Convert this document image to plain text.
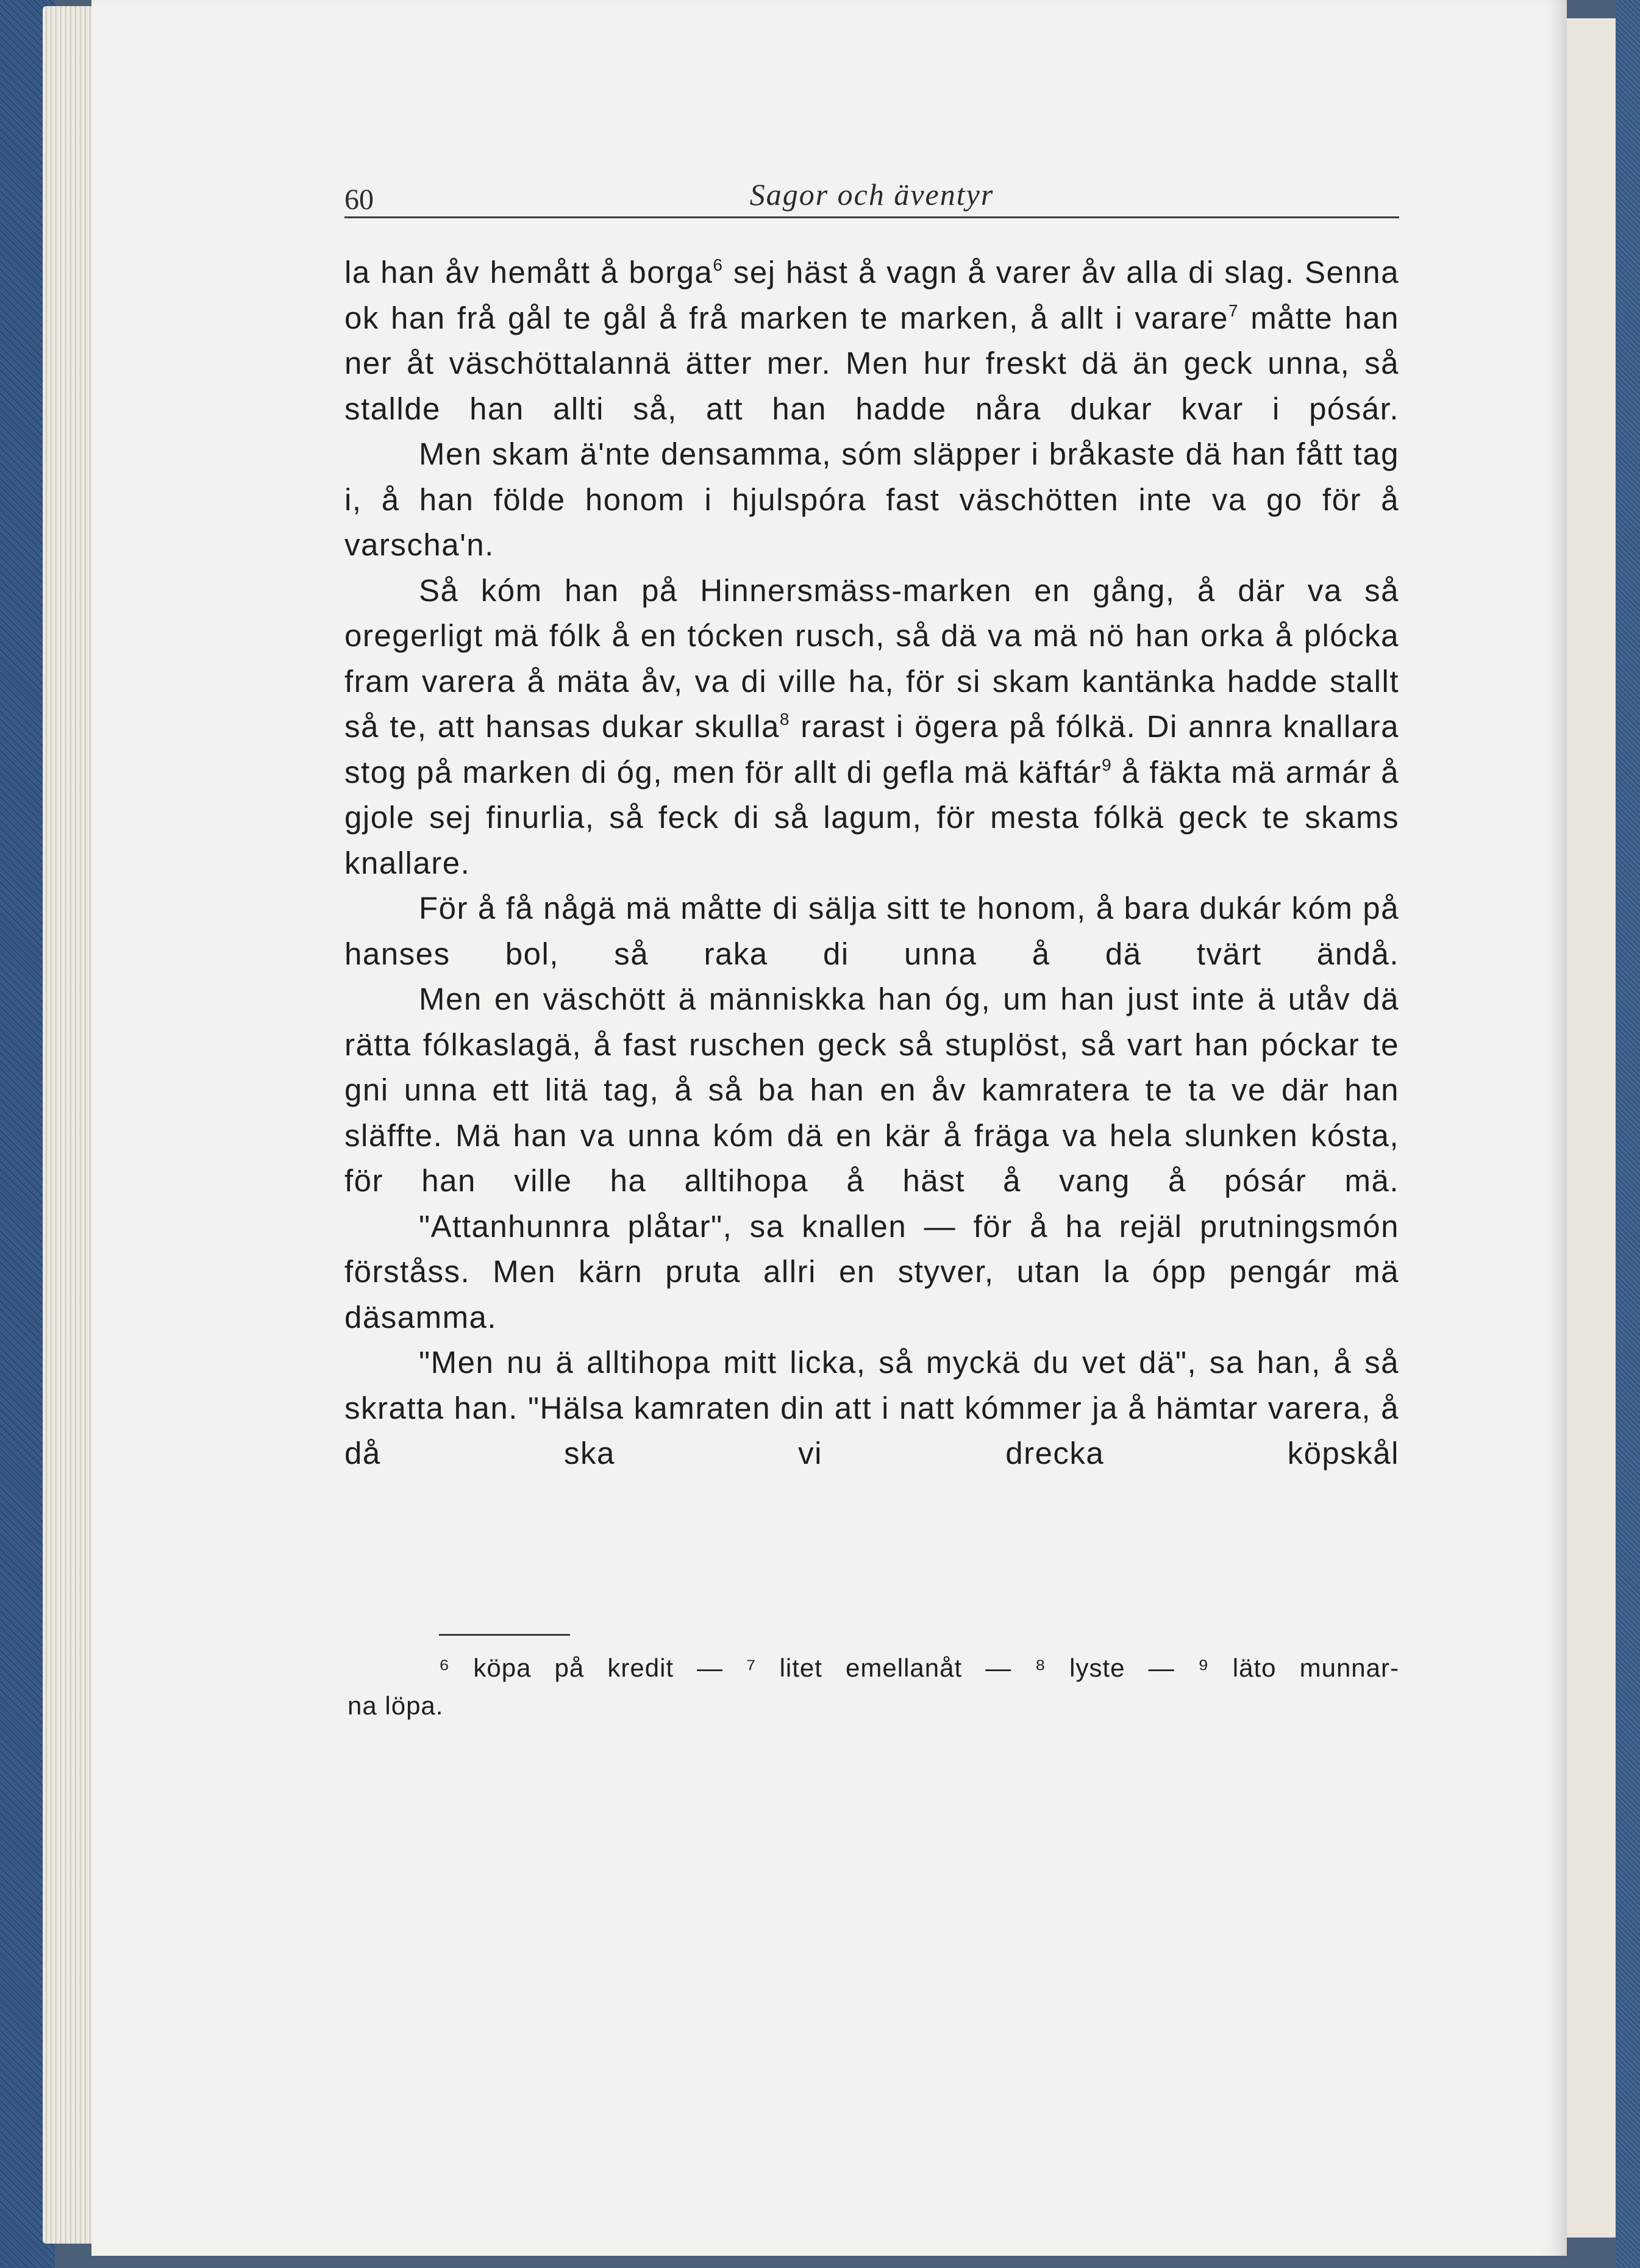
60	Sagor och äventyr

la han åv hemått å borga$^6$ sej häst å vagn å varer åv alla di slag. Senna ok han frå gål te gål å frå marken te marken, å allt i varare$^7$ måtte han ner åt väschöttalannä ätter mer. Men hur freskt dä än geck unna, så stallde han allti så, att han hadde nåra dukar kvar i pósár.

Men skam ä'nte densamma, sóm släpper i bråkaste dä han fått tag i, å han földe honom i hjulspóra fast väschötten inte va go för å varscha'n.

Så kóm han på Hinnersmäss-marken en gång, å där va så oregerligt mä fólk å en tócken rusch, så dä va mä nö han orka å plócka fram varera å mäta åv, va di ville ha, för si skam kantänka hadde stallt så te, att hansas dukar skulla$^8$ rarast i ögera på fólkä. Di annra knallara stog på marken di óg, men för allt di gefla mä käftár$^9$ å fäkta mä armár å gjole sej finurlia, så feck di så lagum, för mesta fólkä geck te skams knallare.

För å få någä mä måtte di sälja sitt te honom, å bara dukár kóm på hanses bol, så raka di unna å dä tvärt ändå.

Men en väschött ä människka han óg, um han just inte ä utåv dä rätta fólkaslagä, å fast ruschen geck så stuplöst, så vart han póckar te gni unna ett litä tag, å så ba han en åv kamratera te ta ve där han släffte. Mä han va unna kóm dä en kär å fräga va hela slunken kósta, för han ville ha alltihopa å häst å vang å pósár mä.

"Attanhunnra plåtar", sa knallen — för å ha rejäl prutningsmón förståss. Men kärn pruta allri en styver, utan la ópp pengár mä däsamma.

"Men nu ä alltihopa mitt licka, så myckä du vet dä", sa han, å så skratta han. "Hälsa kamraten din att i natt kómmer ja å hämtar varera, å då ska vi drecka köpskål

⁶ köpa på kredit — ⁷ litet emellanåt — ⁸ lyste — ⁹ läto munnar-
na löpa.
